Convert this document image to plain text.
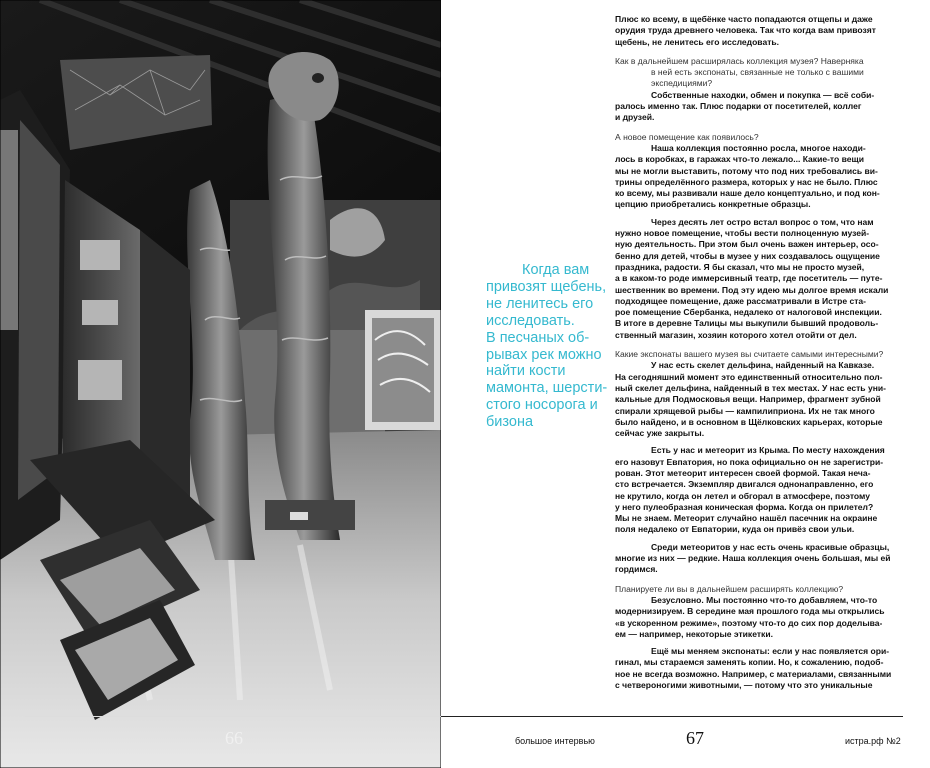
Когда вам
привозят щебень,
не ленитесь его
исследовать.
В песчаных об-
рывах рек можно
найти кости
мамонта, шерсти-
стого носорога и
бизона
Плюс ко всему, в щебёнке часто попадаются отщепы и даже
орудия труда древнего человека. Так что когда вам привозят
щебень, не ленитесь его исследовать.
Как в дальнейшем расширялась коллекция музея? Наверняка
в ней есть экспонаты, связанные не только с вашими
экспедициями?
Собственные находки, обмен и покупка — всё соби-
ралось именно так. Плюс подарки от посетителей, коллег
и друзей.
А новое помещение как появилось?
Наша коллекция постоянно росла, многое находи-
лось в коробках, в гаражах что-то лежало... Какие-то вещи
мы не могли выставить, потому что под них требовались ви-
трины определённого размера, которых у нас не было. Плюс
ко всему, мы развивали наше дело концептуально, и под кон-
цепцию приобретались конкретные образцы.
Через десять лет остро встал вопрос о том, что нам
нужно новое помещение, чтобы вести полноценную музей-
ную деятельность. При этом был очень важен интерьер, осо-
бенно для детей, чтобы в музее у них создавалось ощущение
праздника, радости. Я бы сказал, что мы не просто музей,
а в каком-то роде иммерсивный театр, где посетитель — путе-
шественник во времени. Под эту идею мы долгое время искали
подходящее помещение, даже рассматривали в Истре ста-
рое помещение Сбербанка, недалеко от налоговой инспекции.
В итоге в деревне Талицы мы выкупили бывший продоволь-
ственный магазин, хозяин которого хотел отойти от дел.
Какие экспонаты вашего музея вы считаете самыми интересными?
У нас есть скелет дельфина, найденный на Кавказе.
На сегодняшний момент это единственный относительно пол-
ный скелет дельфина, найденный в тех местах. У нас есть уни-
кальные для Подмосковья вещи. Например, фрагмент зубной
спирали хрящевой рыбы — кампилиприона. Их не так много
было найдено, и в основном в Щёлковских карьерах, которые
сейчас уже закрыты.
Есть у нас и метеорит из Крыма. По месту нахождения
его назовут Евпатория, но пока официально он не зарегистри-
рован. Этот метеорит интересен своей формой. Такая неча-
сто встречается. Экземпляр двигался однонаправленно, его
не крутило, когда он летел и обгорал в атмосфере, поэтому
у него пулеобразная коническая форма. Когда он прилетел?
Мы не знаем. Метеорит случайно нашёл пасечник на окраине
поля недалеко от Евпатории, куда он привёз свои ульи.
Среди метеоритов у нас есть очень красивые образцы,
многие из них — редкие. Наша коллекция очень большая, мы ей
гордимся.
Планируете ли вы в дальнейшем расширять коллекцию?
Безусловно. Мы постоянно что-то добавляем, что-то
модернизируем. В середине мая прошлого года мы открылись
«в ускоренном режиме», поэтому что-то до сих пор доделыва-
ем — например, некоторые этикетки.
Ещё мы меняем экспонаты: если у нас появляется ори-
гинал, мы стараемся заменять копии. Но, к сожалению, подоб-
ное не всегда возможно. Например, с материалами, связанными
с четвероногими животными, — потому что это уникальные
66	большое интервью	67	истра.рф №2
